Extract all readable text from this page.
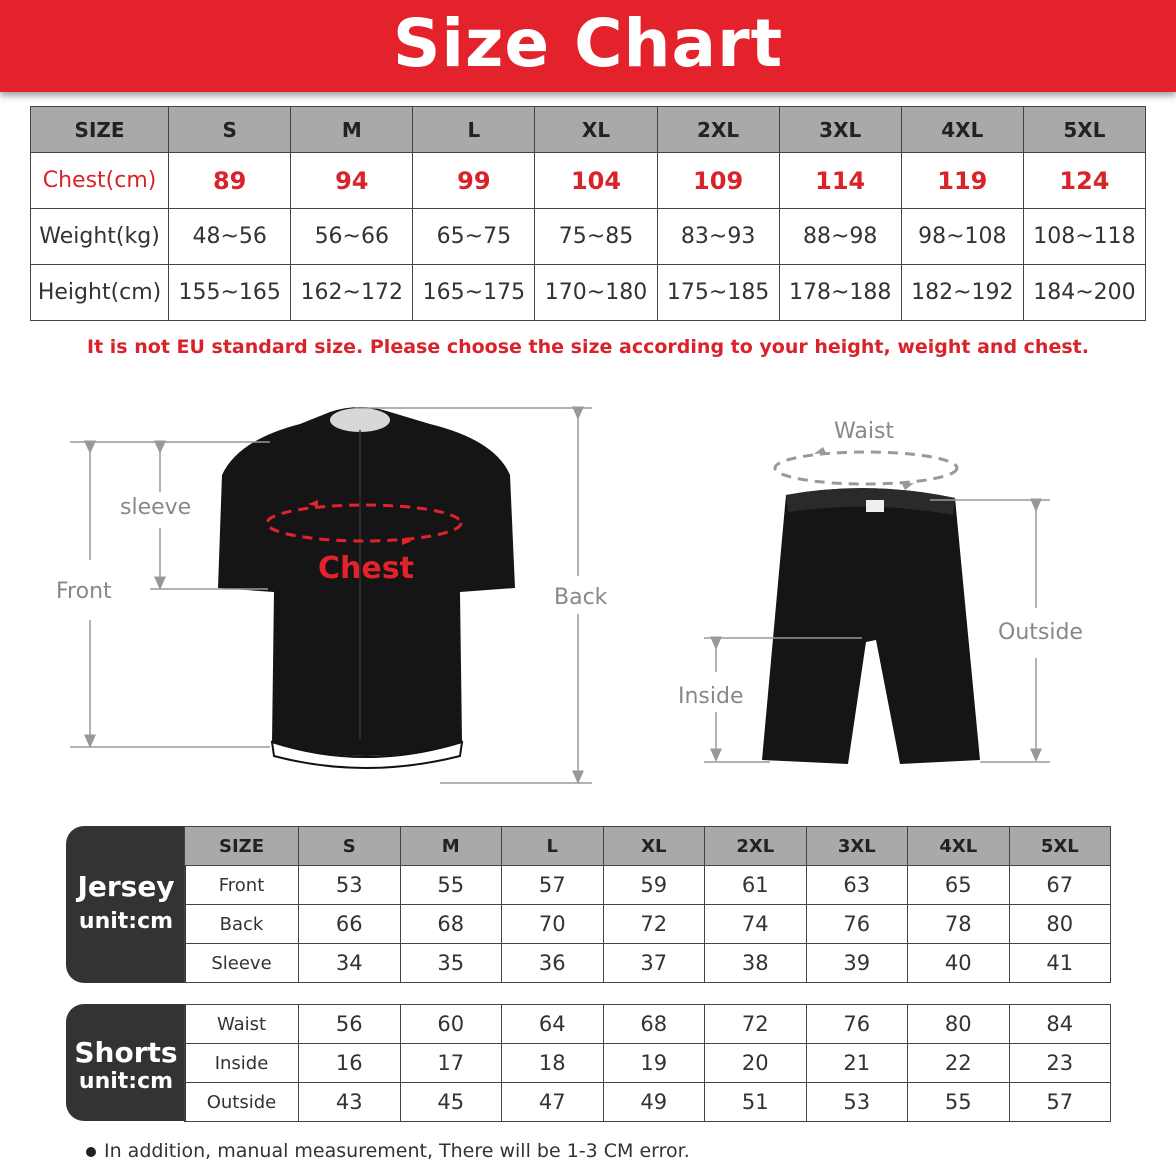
Size Chart
SIZE	S	M	L	XL	2XL	3XL	4XL	5XL
Chest(cm)	89	94	99	104	109	114	119	124
Weight(kg)	48~56	56~66	65~75	75~85	83~93	88~98	98~108	108~118
Height(cm)	155~165	162~172	165~175	170~180	175~185	178~188	182~192	184~200
It is not EU standard size. Please choose the size according to your height, weight and chest.
sleeve
Front
Chest
Back
Waist
Outside
Inside
Jersey
unit:cm
SIZE	S	M	L	XL	2XL	3XL	4XL	5XL
Front	53	55	57	59	61	63	65	67
Back	66	68	70	72	74	76	78	80
Sleeve	34	35	36	37	38	39	40	41
Shorts
unit:cm
Waist	56	60	64	68	72	76	80	84
Inside	16	17	18	19	20	21	22	23
Outside	43	45	47	49	51	53	55	57
In addition, manual measurement, There will be 1-3 CM error.
